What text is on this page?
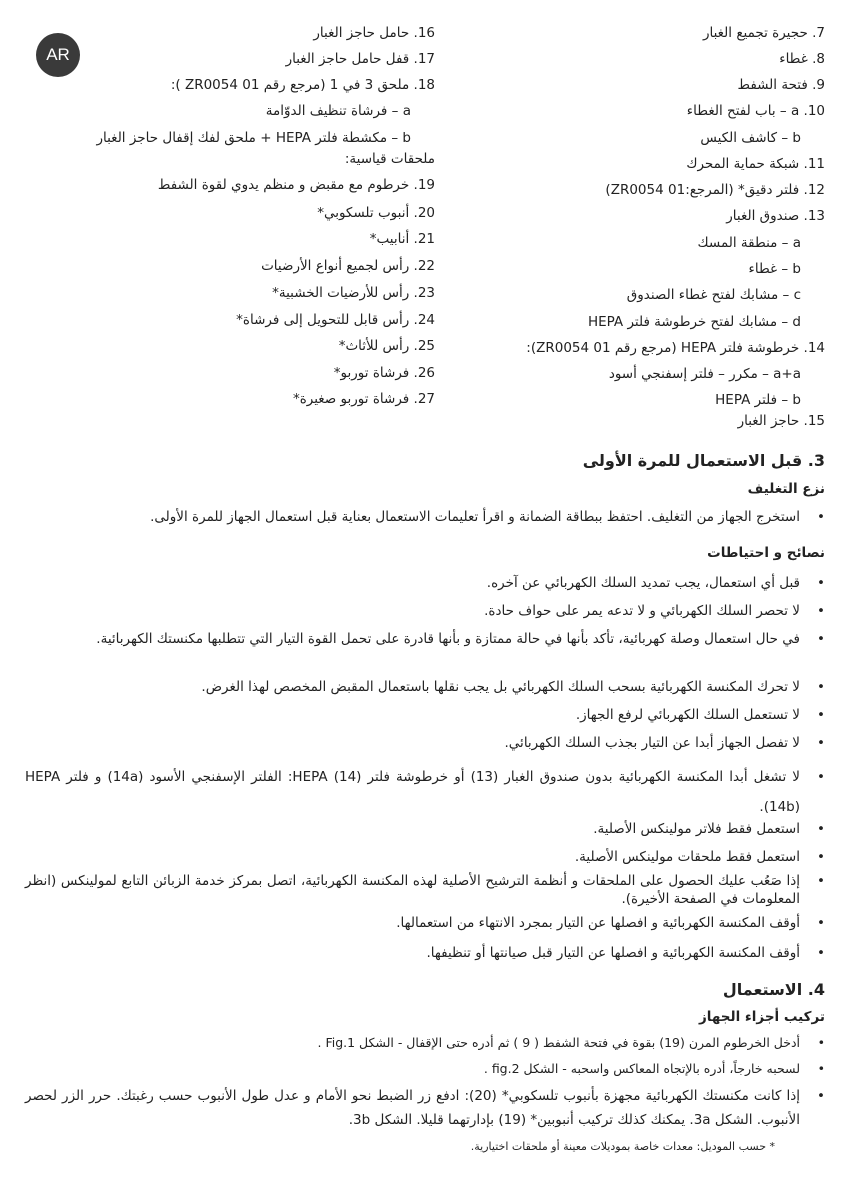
AR
7. حجيرة تجميع الغبار
8. غطاء
9. فتحة الشفط
10. a – باب لفتح الغطاء
b – كاشف الكيس
11. شبكة حماية المحرك
12. فلتر دقيق* (المرجع:01 ZR0054)
13. صندوق الغبار
a – منطقة المسك
b – غطاء
c – مشابك لفتح غطاء الصندوق
d – مشابك لفتح خرطوشة فلتر HEPA
14. خرطوشة فلتر HEPA (مرجع رقم 01 ZR0054):
a+a – مكرر – فلتر إسفنجي أسود
b – فلتر HEPA
15. حاجز الغبار
16. حامل حاجز الغبار
17. قفل حامل حاجز الغبار
18. ملحق 3 في 1 (مرجع رقم 01 ZR0054 ):
a – فرشاة تنظيف الدوّامة
b – مكشطة فلتر HEPA + ملحق لفك إقفال حاجز الغبار
ملحقات قياسية:
19. خرطوم مع مقبض و منظم يدوي لقوة الشفط
20. أنبوب تلسكوبي*
21. أنابيب*
22. رأس لجميع أنواع الأرضيات
23. رأس للأرضيات الخشبية*
24. رأس قابل للتحويل إلى فرشاة*
25. رأس للأثاث*
26. فرشاة توربو*
27. فرشاة توربو صغيرة*
3. قبل الاستعمال للمرة الأولى
نزع التغليف
• استخرج الجهاز من التغليف. احتفظ ببطاقة الضمانة و اقرأ تعليمات الاستعمال بعناية قبل استعمال الجهاز للمرة الأولى.
نصائح و احتياطات
• قبل أي استعمال، يجب تمديد السلك الكهربائي عن آخره.
• لا تحصر السلك الكهربائي و لا تدعه يمر على حواف حادة.
• في حال استعمال وصلة كهربائية، تأكد بأنها في حالة ممتازة و بأنها قادرة على تحمل القوة التيار التي تتطلبها مكنستك الكهربائية.
• لا تحرك المكنسة الكهربائية بسحب السلك الكهربائي بل يجب نقلها باستعمال المقبض المخصص لهذا الغرض.
• لا تستعمل السلك الكهربائي لرفع الجهاز.
• لا تفصل الجهاز أبدا عن التيار بجذب السلك الكهربائي.
• لا تشغل أبدا المكنسة الكهربائية بدون صندوق الغبار (13) أو خرطوشة فلتر HEPA (14): الفلتر الإسفنجي الأسود (14a) و فلتر HEPA (14b).
• استعمل فقط فلاتر مولينكس الأصلية.
• استعمل فقط ملحقات مولينكس الأصلية.
• إذا صَعُب عليك الحصول على الملحقات و أنظمة الترشيح الأصلية لهذه المكنسة الكهربائية، اتصل بمركز خدمة الزبائن التابع لمولينكس (انظر المعلومات في الصفحة الأخيرة).
• أوقف المكنسة الكهربائية و افصلها عن التيار بمجرد الانتهاء من استعمالها.
• أوقف المكنسة الكهربائية و افصلها عن التيار قبل صيانتها أو تنظيفها.
4. الاستعمال
تركيب أجزاء الجهاز
• أدخل الخرطوم المرن (19) بقوة في فتحة الشفط ( 9 ) ثم أدره حتى الإقفال - الشكل Fig.1 .
• لسحبه خارجاً، أدره بالإتجاه المعاكس واسحبه - الشكل fig.2 .
• إذا كانت مكنستك الكهربائية مجهزة بأنبوب تلسكوبي* (20): ادفع زر الضبط نحو الأمام و عدل طول الأنبوب حسب رغبتك. حرر الزر لحصر الأنبوب. الشكل 3a. يمكنك كذلك تركيب أنبوبين* (19) بإدارتهما قليلا. الشكل 3b.
* حسب الموديل: معدات خاصة بموديلات معينة أو ملحقات اختيارية.
